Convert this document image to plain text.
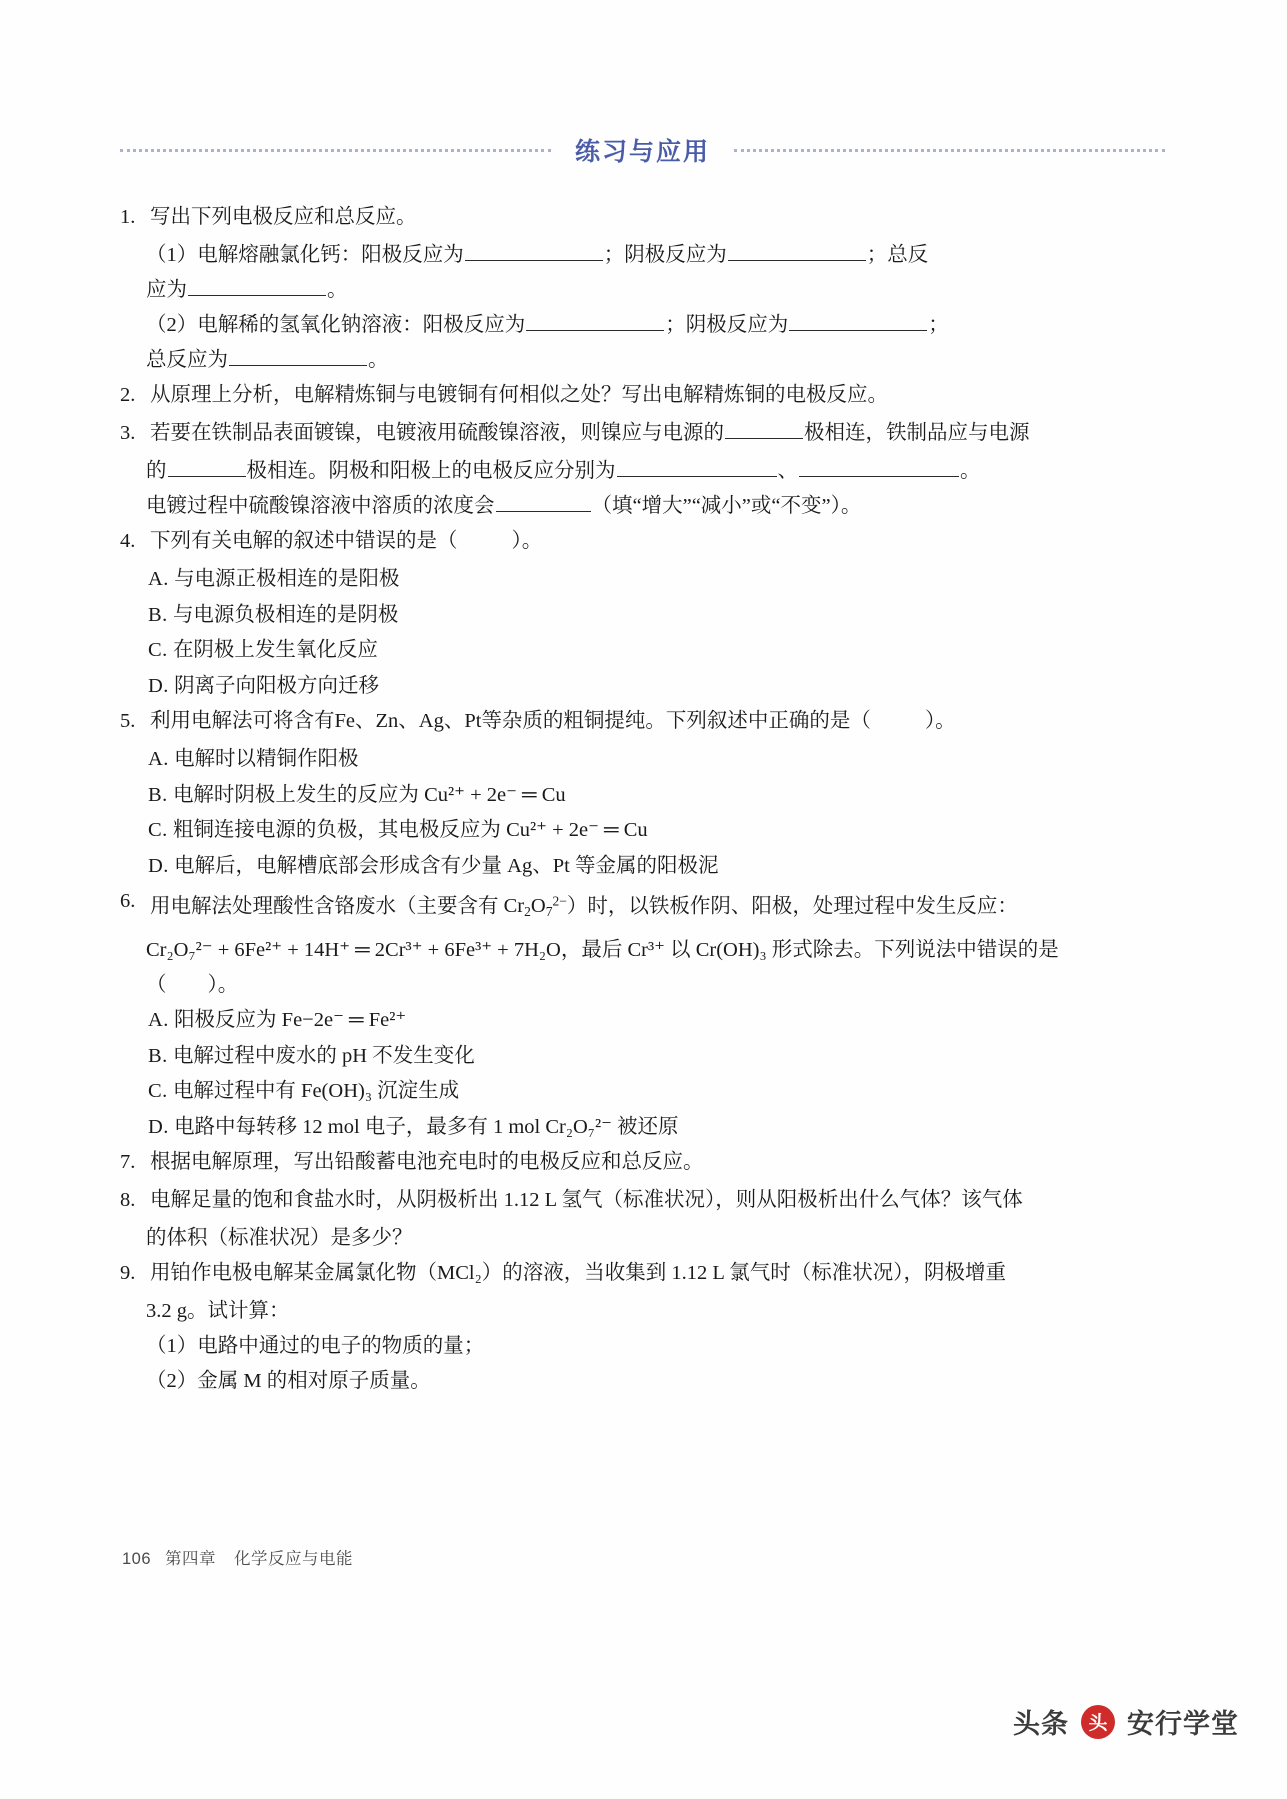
练习与应用
1. 写出下列电极反应和总反应。
（1）电解熔融氯化钙：阳极反应为	；阴极反应为	；总反
应为	。
（2）电解稀的氢氧化钠溶液：阳极反应为	；阴极反应为	；
总反应为	。
2. 从原理上分析，电解精炼铜与电镀铜有何相似之处？写出电解精炼铜的电极反应。
3. 若要在铁制品表面镀镍，电镀液用硫酸镍溶液，则镍应与电源的	极相连，铁制品应与电源
的	极相连。阴极和阳极上的电极反应分别为	、	。
电镀过程中硫酸镍溶液中溶质的浓度会	（填“增大”“减小”或“不变”）。
4. 下列有关电解的叙述中错误的是（	）。
A. 与电源正极相连的是阳极
B. 与电源负极相连的是阴极
C. 在阴极上发生氧化反应
D. 阴离子向阳极方向迁移
5. 利用电解法可将含有Fe、Zn、Ag、Pt等杂质的粗铜提纯。下列叙述中正确的是（	）。
A. 电解时以精铜作阳极
B. 电解时阴极上发生的反应为 Cu²⁺ + 2e⁻ ═ Cu
C. 粗铜连接电源的负极，其电极反应为 Cu²⁺ + 2e⁻ ═ Cu
D. 电解后，电解槽底部会形成含有少量 Ag、Pt 等金属的阳极泥
6. 用电解法处理酸性含铬废水（主要含有 $Cr_2O_7^{2-}$）时，以铁板作阴、阳极，处理过程中发生反应：
Cr₂O₇²⁻ + 6Fe²⁺ + 14H⁺ ═ 2Cr³⁺ + 6Fe³⁺ + 7H₂O，最后 Cr³⁺ 以 Cr(OH)₃ 形式除去。下列说法中错误的是
（　　）。
A. 阳极反应为 Fe−2e⁻ ═ Fe²⁺
B. 电解过程中废水的 pH 不发生变化
C. 电解过程中有 Fe(OH)₃ 沉淀生成
D. 电路中每转移 12 mol 电子，最多有 1 mol Cr₂O₇²⁻ 被还原
7. 根据电解原理，写出铅酸蓄电池充电时的电极反应和总反应。
8. 电解足量的饱和食盐水时，从阴极析出 1.12 L 氢气（标准状况），则从阳极析出什么气体？该气体
的体积（标准状况）是多少？
9. 用铂作电极电解某金属氯化物（MCl₂）的溶液，当收集到 1.12 L 氯气时（标准状况），阴极增重
3.2 g。试计算：
（1）电路中通过的电子的物质的量；
（2）金属 M 的相对原子质量。
106 第四章 化学反应与电能
头条	头 安行学堂
